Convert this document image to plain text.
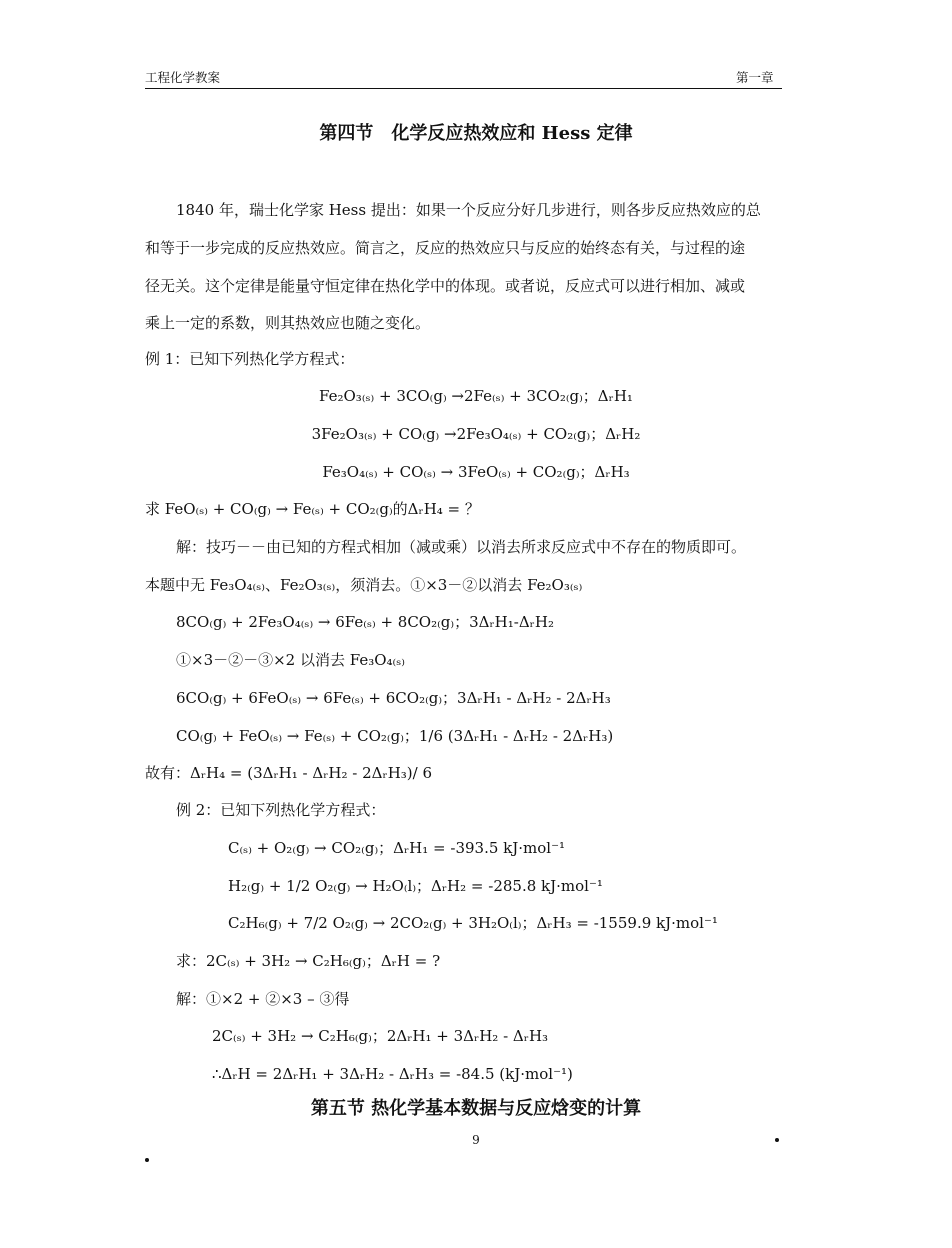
工程化学教案	第一章
第四节　化学反应热效应和 Hess 定律
1840 年，瑞士化学家 Hess 提出：如果一个反应分好几步进行，则各步反应热效应的总
和等于一步完成的反应热效应。简言之，反应的热效应只与反应的始终态有关，与过程的途
径无关。这个定律是能量守恒定律在热化学中的体现。或者说，反应式可以进行相加、减或
乘上一定的系数，则其热效应也随之变化。
例 1：已知下列热化学方程式：
Fe₂O₃₍ₛ₎ + 3CO₍g₎ →2Fe₍ₛ₎ + 3CO₂₍g₎；ΔᵣH₁
3Fe₂O₃₍ₛ₎ + CO₍g₎ →2Fe₃O₄₍ₛ₎ + CO₂₍g₎；ΔᵣH₂
Fe₃O₄₍ₛ₎ + CO₍ₛ₎ → 3FeO₍ₛ₎ + CO₂₍g₎；ΔᵣH₃
求 FeO₍ₛ₎ + CO₍g₎ → Fe₍ₛ₎ + CO₂₍g₎的ΔᵣH₄ = ？
解：技巧－－由已知的方程式相加（减或乘）以消去所求反应式中不存在的物质即可。
本题中无 Fe₃O₄₍ₛ₎、Fe₂O₃₍ₛ₎，须消去。①×3－②以消去 Fe₂O₃₍ₛ₎
8CO₍g₎ + 2Fe₃O₄₍ₛ₎ → 6Fe₍ₛ₎ + 8CO₂₍g₎；3ΔᵣH₁-ΔᵣH₂
①×3－②－③×2 以消去 Fe₃O₄₍ₛ₎
6CO₍g₎ + 6FeO₍ₛ₎ → 6Fe₍ₛ₎ + 6CO₂₍g₎；3ΔᵣH₁ - ΔᵣH₂ - 2ΔᵣH₃
CO₍g₎ + FeO₍ₛ₎ → Fe₍ₛ₎ + CO₂₍g₎；1/6 (3ΔᵣH₁ - ΔᵣH₂ - 2ΔᵣH₃)
故有：ΔᵣH₄ = (3ΔᵣH₁ - ΔᵣH₂ - 2ΔᵣH₃)/ 6
例 2：已知下列热化学方程式：
C₍ₛ₎ + O₂₍g₎ → CO₂₍g₎；ΔᵣH₁ = -393.5 kJ·mol⁻¹
H₂₍g₎ + 1/2 O₂₍g₎ → H₂O₍l₎；ΔᵣH₂ = -285.8 kJ·mol⁻¹
C₂H₆₍g₎ + 7/2 O₂₍g₎ → 2CO₂₍g₎ + 3H₂O₍l₎；ΔᵣH₃ = -1559.9 kJ·mol⁻¹
求：2C₍ₛ₎ + 3H₂ → C₂H₆₍g₎；ΔᵣH = ?
解：①×2 + ②×3 – ③得
2C₍ₛ₎ + 3H₂ → C₂H₆₍g₎；2ΔᵣH₁ + 3ΔᵣH₂ - ΔᵣH₃
∴ΔᵣH = 2ΔᵣH₁ + 3ΔᵣH₂ - ΔᵣH₃ = -84.5 (kJ·mol⁻¹)
第五节 热化学基本数据与反应焓变的计算
9
